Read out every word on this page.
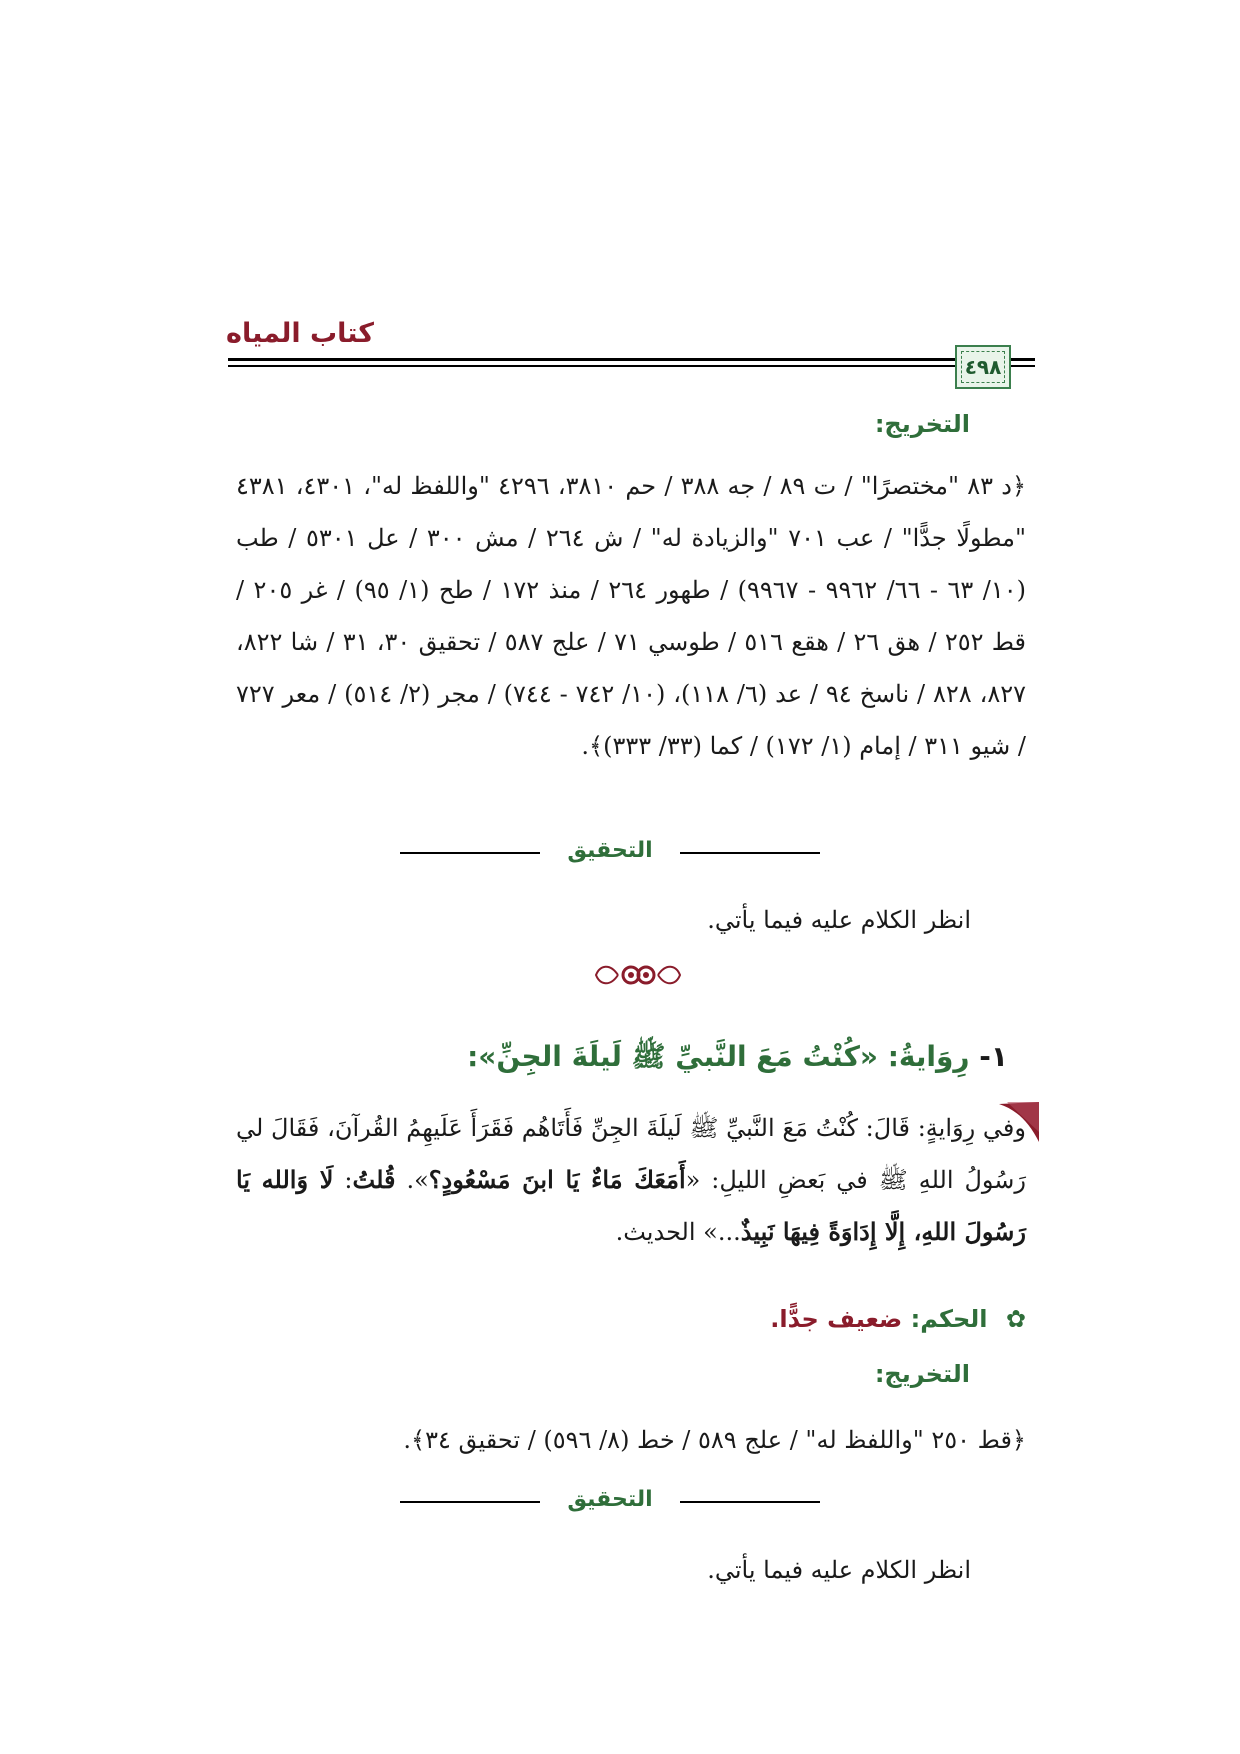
كتاب المياه
٤٩٨
التخريج:
﴿د ٨٣ "مختصرًا" / ت ٨٩ / جه ٣٨٨ / حم ٣٨١٠، ٤٢٩٦ "واللفظ له"، ٤٣٠١، ٤٣٨١ "مطولًا جدًّا" / عب ٧٠١ "والزيادة له" / ش ٢٦٤ / مش ٣٠٠ / عل ٥٣٠١ / طب (١٠/ ٦٣ - ٦٦/ ٩٩٦٢ - ٩٩٦٧) / طهور ٢٦٤ / منذ ١٧٢ / طح (١/ ٩٥) / غر ٢٠٥ / قط ٢٥٢ / هق ٢٦ / هقع ٥١٦ / طوسي ٧١ / علج ٥٨٧ / تحقيق ٣٠، ٣١ / شا ٨٢٢، ٨٢٧، ٨٢٨ / ناسخ ٩٤ / عد (٦/ ١١٨)، (١٠/ ٧٤٢ - ٧٤٤) / مجر (٢/ ٥١٤) / معر ٧٢٧ / شيو ٣١١ / إمام (١/ ١٧٢) / كما (٣٣/ ٣٣٣)﴾.
التحقيق
انظر الكلام عليه فيما يأتي.
١- رِوَايةُ: «كُنْتُ مَعَ النَّبيِّ ﷺ لَيلَةَ الجِنِّ»:
وفي رِوَايةٍ: قَالَ: كُنْتُ مَعَ النَّبيِّ ﷺ لَيلَةَ الجِنِّ فَأَتَاهُم فَقَرَأَ عَلَيهِمُ القُرآنَ، فَقَالَ لي رَسُولُ اللهِ ﷺ في بَعضِ الليلِ: «أَمَعَكَ مَاءٌ يَا ابنَ مَسْعُودٍ؟». قُلتُ: لَا وَالله يَا رَسُولَ اللهِ، إِلَّا إِدَاوَةً فِيهَا نَبِيذٌ...» الحديث.
✿ الحكم: ضعيف جدًّا.
التخريج:
﴿قط ٢٥٠ "واللفظ له" / علج ٥٨٩ / خط (٨/ ٥٩٦) / تحقيق ٣٤﴾.
التحقيق
انظر الكلام عليه فيما يأتي.
